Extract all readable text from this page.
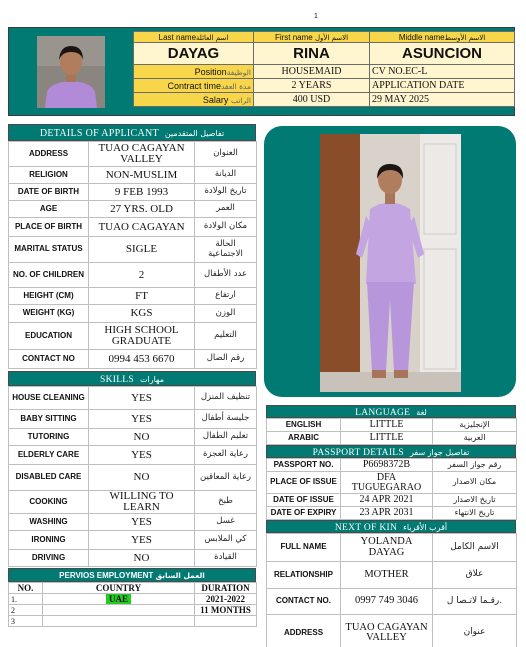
1
Last nameاسم العائلة	First name الاسم الأول	Middle nameالاسم الأوسط
DAYAG	RINA	ASUNCION
Positionالوظيفة	HOUSEMAID	CV NO.EC-L
Contract timeمدة العقد	2 YEARS	APPLICATION DATE
Salary الراتب	400 USD	29 MAY 2025
DETAILS OF APPLICANT تفاصيل المتقدمين
ADDRESS	TUAO CAGAYAN VALLEY	العنوان
RELIGION	NON-MUSLIM	الديانة
DATE OF BIRTH	9 FEB 1993	تاريخ الولادة
AGE	27 YRS. OLD	العمر
PLACE OF BIRTH	TUAO CAGAYAN	مكان الولادة
MARITAL STATUS	SIGLE	الحالة الاجتماعية
NO. OF CHILDREN	2	عدد الأطفال
HEIGHT (CM)	FT	ارتفاع
WEIGHT (KG)	KGS	الوزن
EDUCATION	HIGH SCHOOL GRADUATE	التعليم
CONTACT NO	0994 453 6670	رقم الصال
SKILLS مهارات
HOUSE CLEANING	YES	تنظيف المنزل
BABY SITTING	YES	جليسة أطفال
TUTORING	NO	تعليم الطفال
ELDERLY CARE	YES	رعاية العجزة
DISABLED CARE	NO	رعاية المعاقين
COOKING	WILLING TO LEARN	طبخ
WASHING	YES	غسل
IRONING	YES	كي الملابس
DRIVING	NO	القيادة
PERVIOS EMPLOYMENT العمل السابق
NO.	COUNTRY	DURATION
1.	UAE	2021-2022
2		11 MONTHS
3		
LANGUAGE لغة
ENGLISH	LITTLE	الإنجليزية
ARABIC	LITTLE	العربية
PASSPORT DETAILS تفاصيل جواز سفر
PASSPORT NO.	P6698372B	رقم جواز السفر
PLACE OF ISSUE	DFA TUGUEGARAO	مكان الاصدار
DATE OF ISSUE	24 APR 2021	تاريخ الاصدار
DATE OF EXPIRY	23 APR 2031	تاريخ الانتهاء
NEXT OF KIN أقرب الأقرباء
FULL NAME	YOLANDA DAYAG	الاسم الكامل
RELATIONSHIP	MOTHER	علاق
CONTACT NO.	0997 749 3046	رقـما لاتـصا ل.
ADDRESS	TUAO CAGAYAN VALLEY	عنوان
